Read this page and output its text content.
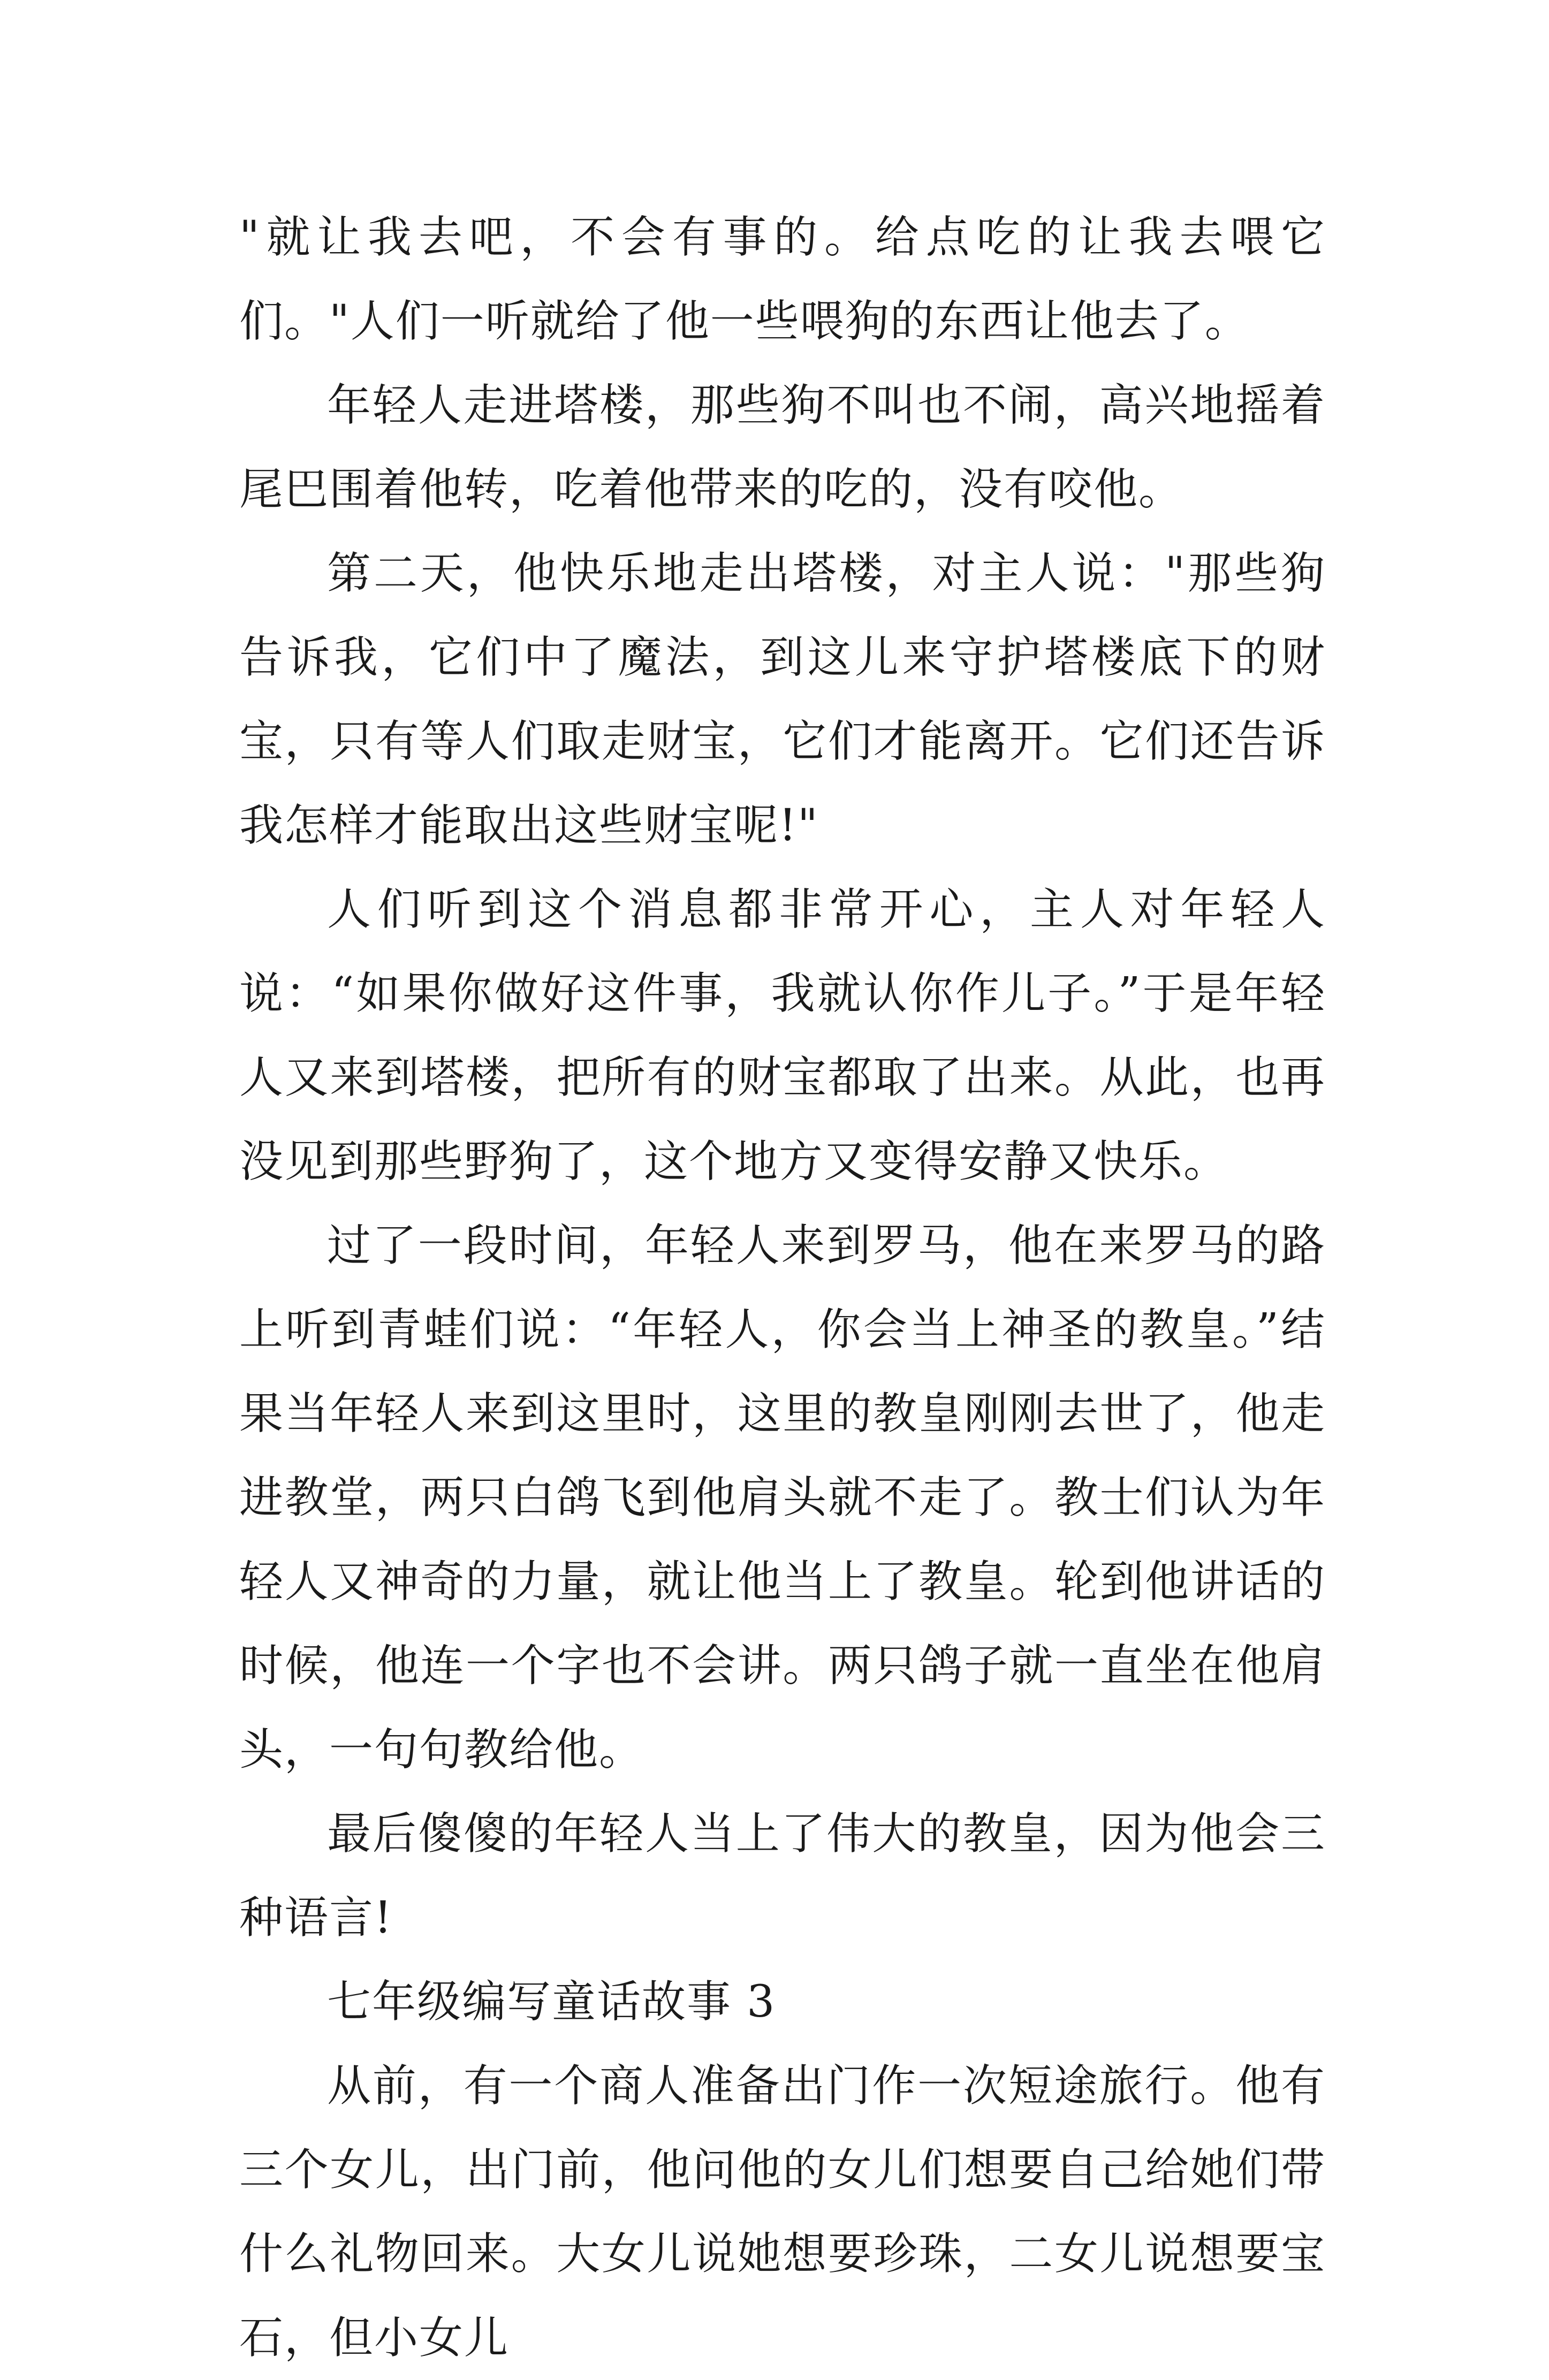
"就让我去吧，不会有事的。给点吃的让我去喂它们。"人们一听就给了他一些喂狗的东西让他去了。

年轻人走进塔楼，那些狗不叫也不闹，高兴地摇着尾巴围着他转，吃着他带来的吃的，没有咬他。

第二天，他快乐地走出塔楼，对主人说："那些狗告诉我，它们中了魔法，到这儿来守护塔楼底下的财宝，只有等人们取走财宝，它们才能离开。它们还告诉我怎样才能取出这些财宝呢!"

人们听到这个消息都非常开心，主人对年轻人说：“如果你做好这件事，我就认你作儿子。”于是年轻人又来到塔楼，把所有的财宝都取了出来。从此，也再没见到那些野狗了，这个地方又变得安静又快乐。

过了一段时间，年轻人来到罗马，他在来罗马的路上听到青蛙们说：“年轻人，你会当上神圣的教皇。”结果当年轻人来到这里时，这里的教皇刚刚去世了，他走进教堂，两只白鸽飞到他肩头就不走了。教士们认为年轻人又神奇的力量，就让他当上了教皇。轮到他讲话的时候，他连一个字也不会讲。两只鸽子就一直坐在他肩头，一句句教给他。

最后傻傻的年轻人当上了伟大的教皇，因为他会三种语言!

七年级编写童话故事 3

从前，有一个商人准备出门作一次短途旅行。他有三个女儿，出门前，他问他的女儿们想要自己给她们带什么礼物回来。大女儿说她想要珍珠，二女儿说想要宝石，但小女儿
